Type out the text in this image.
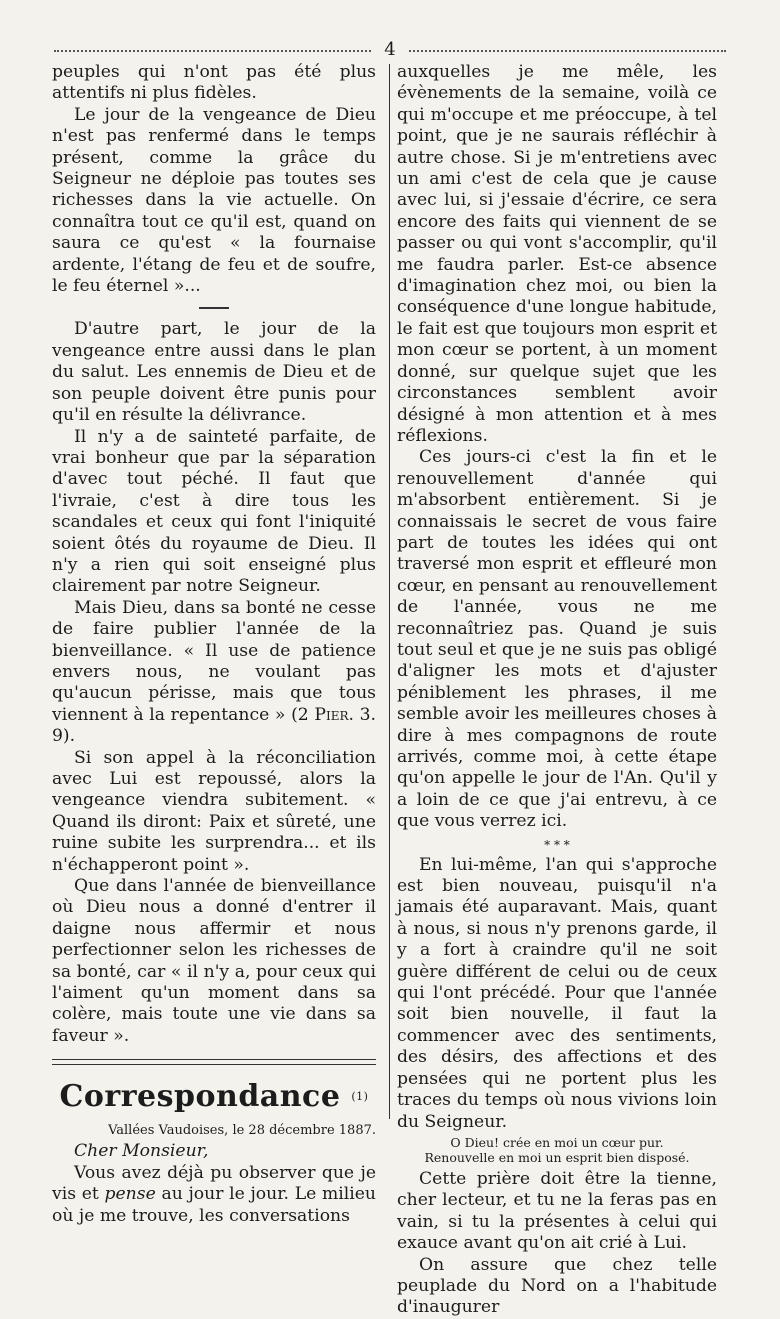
4

peuples qui n'ont pas été plus attentifs ni plus fidèles.

Le jour de la vengeance de Dieu n'est pas renfermé dans le temps présent, comme la grâce du Seigneur ne déploie pas toutes ses richesses dans la vie actuelle. On connaîtra tout ce qu'il est, quand on saura ce qu'est « la fournaise ardente, l'étang de feu et de soufre, le feu éternel »...

D'autre part, le jour de la vengeance entre aussi dans le plan du salut. Les ennemis de Dieu et de son peuple doivent être punis pour qu'il en résulte la délivrance.

Il n'y a de sainteté parfaite, de vrai bonheur que par la séparation d'avec tout péché. Il faut que l'ivraie, c'est à dire tous les scandales et ceux qui font l'iniquité soient ôtés du royaume de Dieu. Il n'y a rien qui soit enseigné plus clairement par notre Seigneur.

Mais Dieu, dans sa bonté ne cesse de faire publier l'année de la bienveillance. « Il use de patience envers nous, ne voulant pas qu'aucun périsse, mais que tous viennent à la repentance » (2 Pier. 3. 9).

Si son appel à la réconciliation avec Lui est repoussé, alors la vengeance viendra subitement. « Quand ils diront: Paix et sûreté, une ruine subite les surprendra... et ils n'échapperont point ».

Que dans l'année de bienveillance où Dieu nous a donné d'entrer il daigne nous affermir et nous perfectionner selon les richesses de sa bonté, car « il n'y a, pour ceux qui l'aiment qu'un moment dans sa colère, mais toute une vie dans sa faveur ».

Correspondance $^{(1)}$
Vallées Vaudoises, le 28 décembre 1887.

Cher Monsieur,

Vous avez déjà pu observer que je vis et pense au jour le jour. Le milieu où je me trouve, les conversations

auxquelles je me mêle, les évènements de la semaine, voilà ce qui m'occupe et me préoccupe, à tel point, que je ne saurais réfléchir à autre chose. Si je m'entretiens avec un ami c'est de cela que je cause avec lui, si j'essaie d'écrire, ce sera encore des faits qui viennent de se passer ou qui vont s'accomplir, qu'il me faudra parler. Est-ce absence d'imagination chez moi, ou bien la conséquence d'une longue habitude, le fait est que toujours mon esprit et mon cœur se portent, à un moment donné, sur quelque sujet que les circonstances semblent avoir désigné à mon attention et à mes réflexions.

Ces jours-ci c'est la fin et le renouvellement d'année qui m'absorbent entièrement. Si je connaissais le secret de vous faire part de toutes les idées qui ont traversé mon esprit et effleuré mon cœur, en pensant au renouvellement de l'année, vous ne me reconnaîtriez pas. Quand je suis tout seul et que je ne suis pas obligé d'aligner les mots et d'ajuster péniblement les phrases, il me semble avoir les meilleures choses à dire à mes compagnons de route arrivés, comme moi, à cette étape qu'on appelle le jour de l'An. Qu'il y a loin de ce que j'ai entrevu, à ce que vous verrez ici.

* * *

En lui-même, l'an qui s'approche est bien nouveau, puisqu'il n'a jamais été auparavant. Mais, quant à nous, si nous n'y prenons garde, il y a fort à craindre qu'il ne soit guère différent de celui ou de ceux qui l'ont précédé. Pour que l'année soit bien nouvelle, il faut la commencer avec des sentiments, des désirs, des affections et des pensées qui ne portent plus les traces du temps où nous vivions loin du Seigneur.

O Dieu! crée en moi un cœur pur.
Renouvelle en moi un esprit bien disposé.

Cette prière doit être la tienne, cher lecteur, et tu ne la feras pas en vain, si tu la présentes à celui qui exauce avant qu'on ait crié à Lui.

On assure que chez telle peuplade du Nord on a l'habitude d'inaugurer
